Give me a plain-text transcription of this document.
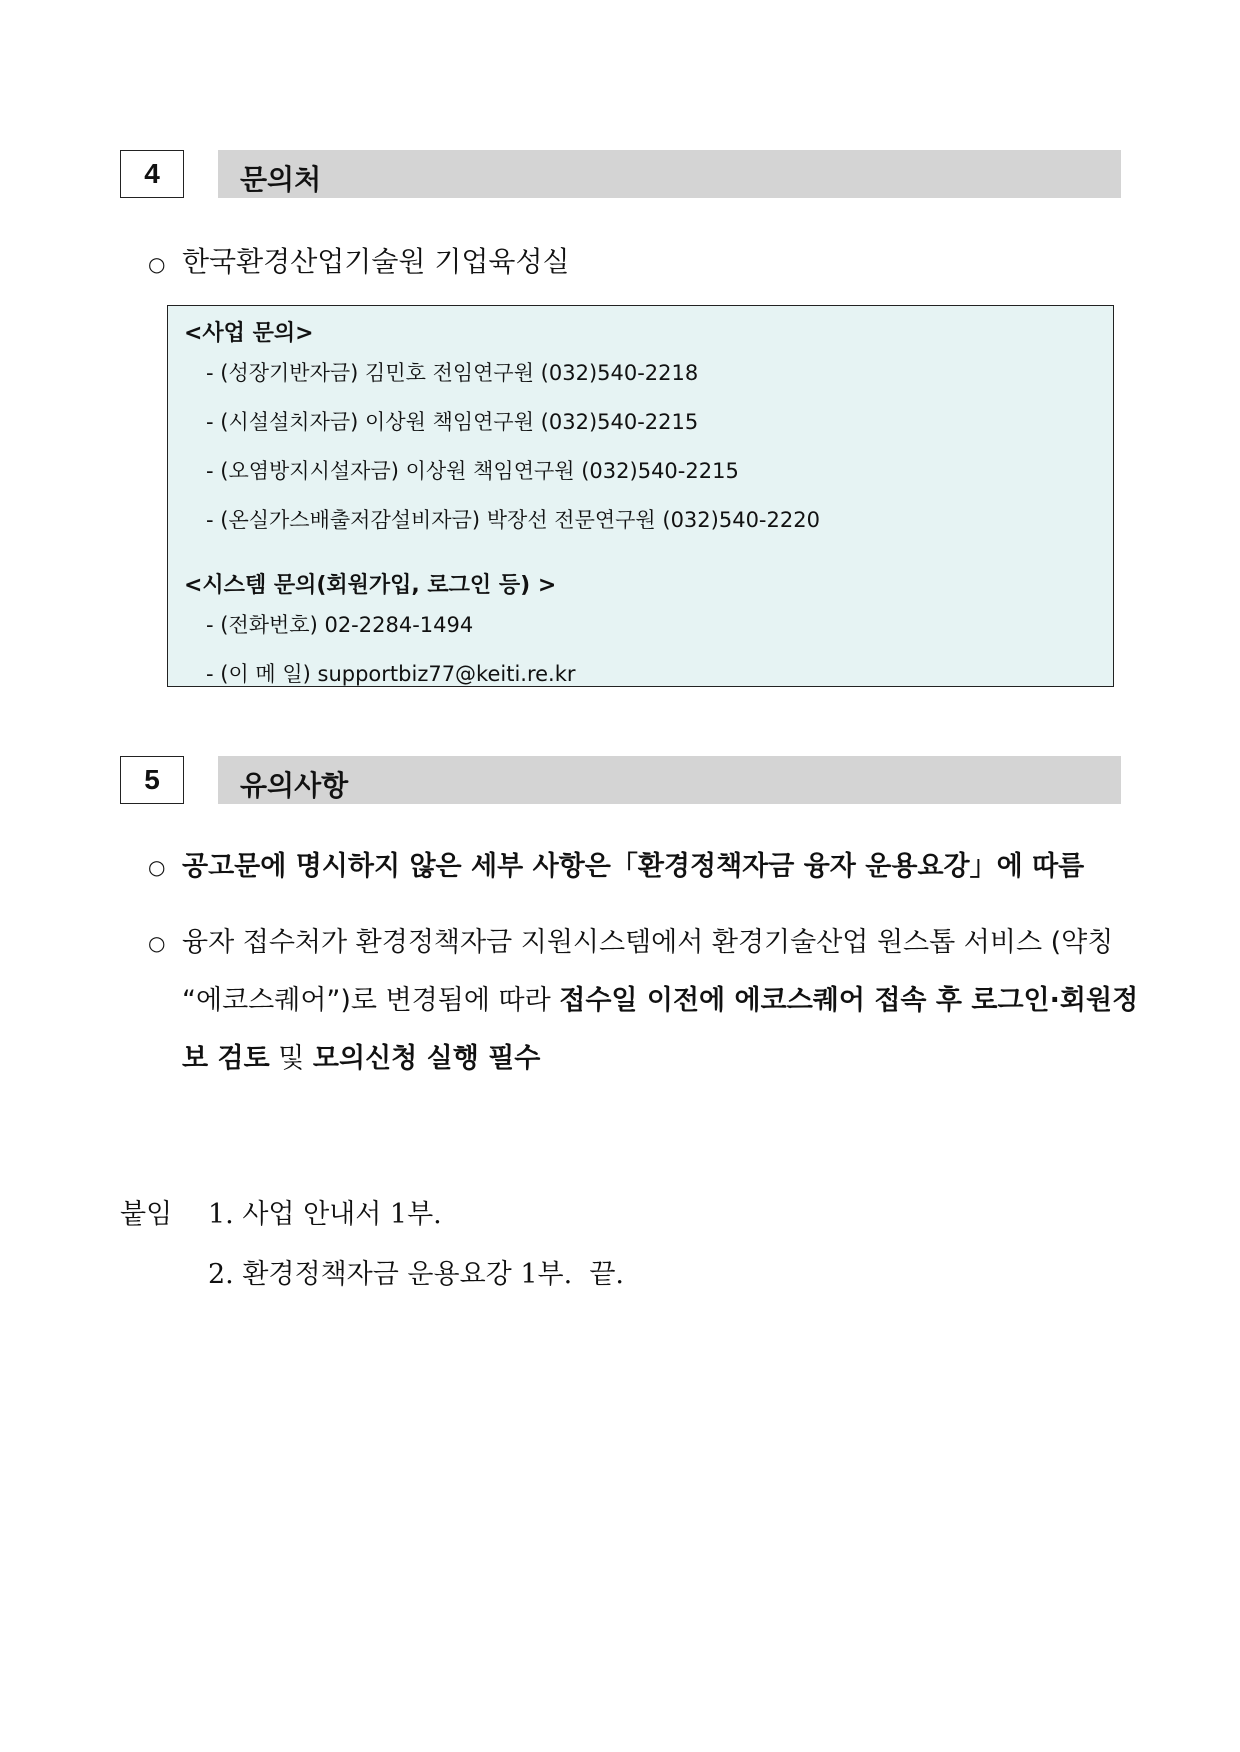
4	문의처
○ 한국환경산업기술원 기업육성실
<사업 문의>
- (성장기반자금) 김민호 전임연구원 (032)540-2218
- (시설설치자금) 이상원 책임연구원 (032)540-2215
- (오염방지시설자금) 이상원 책임연구원 (032)540-2215
- (온실가스배출저감설비자금) 박장선 전문연구원 (032)540-2220
<시스템 문의(회원가입, 로그인 등) >
- (전화번호) 02-2284-1494
- (이 메 일) supportbiz77@keiti.re.kr
5	유의사항
○ 공고문에 명시하지 않은 세부 사항은「환경정책자금 융자 운용요강」에 따름
○ 융자 접수처가 환경정책자금 지원시스템에서 환경기술산업 원스톱 서비스 (약칭 “에코스퀘어”)로 변경됨에 따라 접수일 이전에 에코스퀘어 접속 후 로그인·회원정보 검토 및 모의신청 실행 필수
붙임 1. 사업 안내서 1부.
2. 환경정책자금 운용요강 1부.  끝.
